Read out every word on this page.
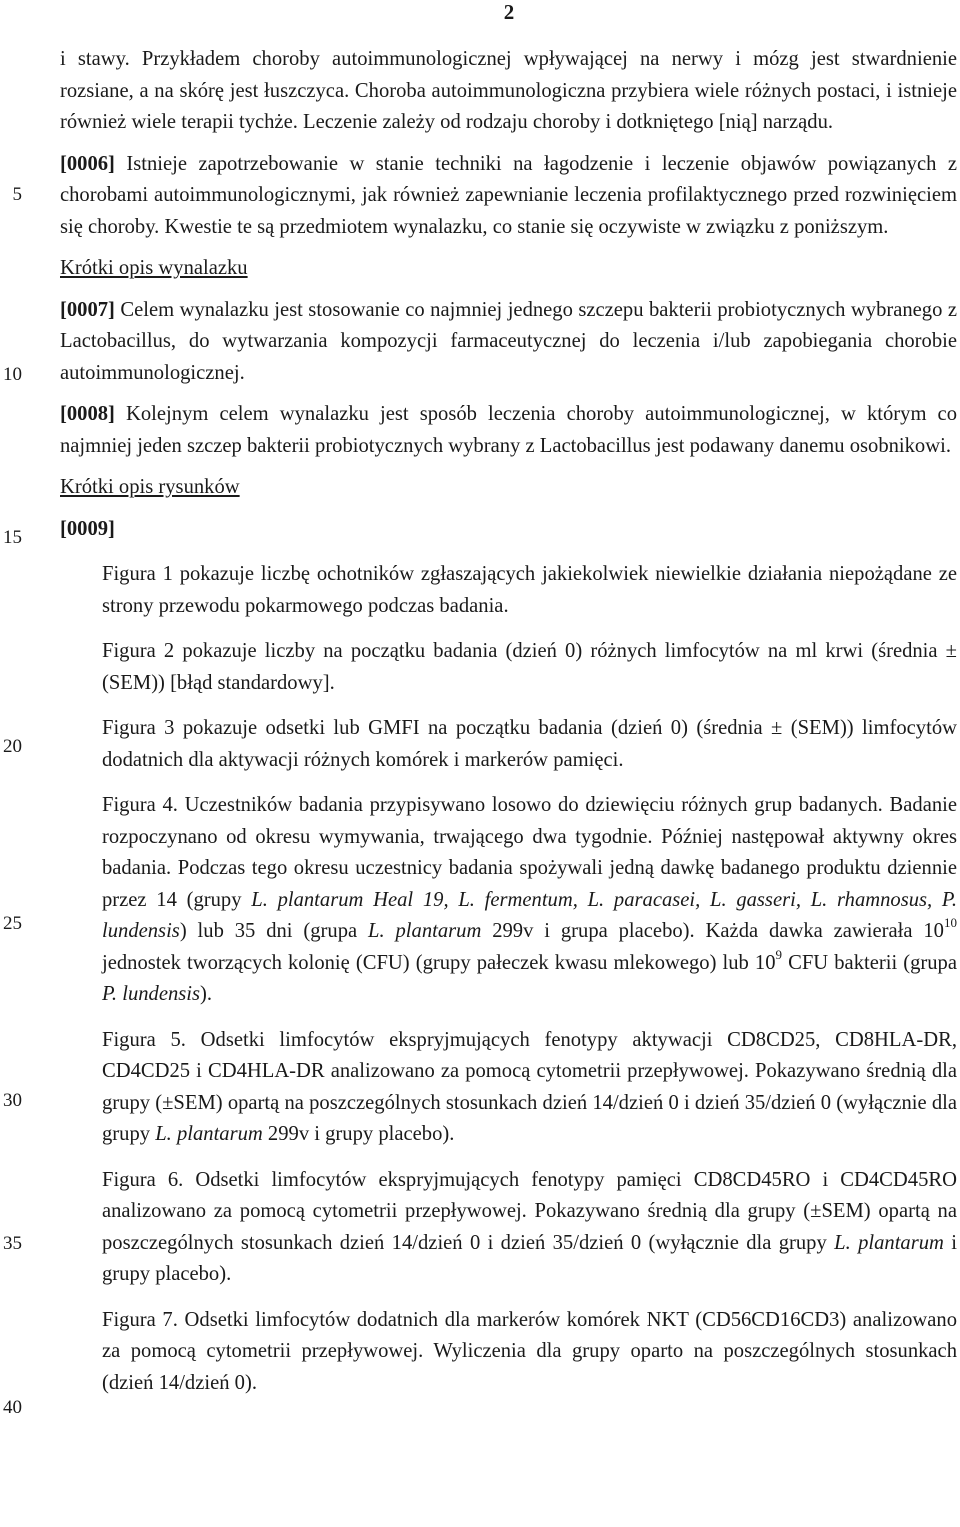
2
5
10
15
20
25
30
35
40

i stawy. Przykładem choroby autoimmunologicznej wpływającej na nerwy i mózg jest stwardnienie rozsiane, a na skórę jest łuszczyca. Choroba autoimmunologiczna przybiera wiele różnych postaci, i istnieje również wiele terapii tychże. Leczenie zależy od rodzaju choroby i dotkniętego [nią] narządu.

[0006] Istnieje zapotrzebowanie w stanie techniki na łagodzenie i leczenie objawów powiązanych z chorobami autoimmunologicznymi, jak również zapewnianie leczenia profilaktycznego przed rozwinięciem się choroby. Kwestie te są przedmiotem wynalazku, co stanie się oczywiste w związku z poniższym.

Krótki opis wynalazku

[0007] Celem wynalazku jest stosowanie co najmniej jednego szczepu bakterii probiotycznych wybranego z Lactobacillus, do wytwarzania kompozycji farmaceutycznej do leczenia i/lub zapobiegania chorobie autoimmunologicznej.

[0008] Kolejnym celem wynalazku jest sposób leczenia choroby autoimmunologicznej, w którym co najmniej jeden szczep bakterii probiotycznych wybrany z Lactobacillus jest podawany danemu osobnikowi.

Krótki opis rysunków

[0009]

Figura 1 pokazuje liczbę ochotników zgłaszających jakiekolwiek niewielkie działania niepożądane ze strony przewodu pokarmowego podczas badania.

Figura 2 pokazuje liczby na początku badania (dzień 0) różnych limfocytów na ml krwi (średnia ± (SEM)) [błąd standardowy].

Figura 3 pokazuje odsetki lub GMFI na początku badania (dzień 0) (średnia ± (SEM)) limfocytów dodatnich dla aktywacji różnych komórek i markerów pamięci.

Figura 4. Uczestników badania przypisywano losowo do dziewięciu różnych grup badanych. Badanie rozpoczynano od okresu wymywania, trwającego dwa tygodnie. Później następował aktywny okres badania. Podczas tego okresu uczestnicy badania spożywali jedną dawkę badanego produktu dziennie przez 14 (grupy L. plantarum Heal 19, L. fermentum, L. paracasei, L. gasseri, L. rhamnosus, P. lundensis) lub 35 dni (grupa L. plantarum 299v i grupa placebo). Każda dawka zawierała $10^{10}$ jednostek tworzących kolonię (CFU) (grupy pałeczek kwasu mlekowego) lub $10^9$ CFU bakterii (grupa P. lundensis).

Figura 5. Odsetki limfocytów ekspryjmujących fenotypy aktywacji CD8CD25, CD8HLA-DR, CD4CD25 i CD4HLA-DR analizowano za pomocą cytometrii przepływowej. Pokazywano średnią dla grupy (±SEM) opartą na poszczególnych stosunkach dzień 14/dzień 0 i dzień 35/dzień 0 (wyłącznie dla grupy L. plantarum 299v i grupy placebo).

Figura 6. Odsetki limfocytów ekspryjmujących fenotypy pamięci CD8CD45RO i CD4CD45RO analizowano za pomocą cytometrii przepływowej. Pokazywano średnią dla grupy (±SEM) opartą na poszczególnych stosunkach dzień 14/dzień 0 i dzień 35/dzień 0 (wyłącznie dla grupy L. plantarum i grupy placebo).

Figura 7. Odsetki limfocytów dodatnich dla markerów komórek NKT (CD56CD16CD3) analizowano za pomocą cytometrii przepływowej. Wyliczenia dla grupy oparto na poszczególnych stosunkach (dzień 14/dzień 0).
